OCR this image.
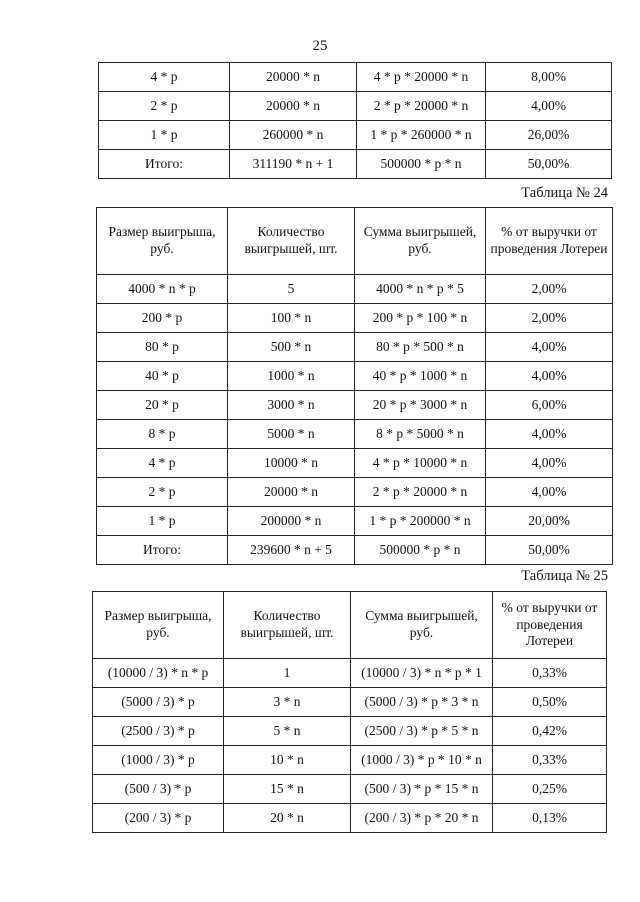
25
4 * p	20000 * n	4 * p * 20000 * n	8,00%
2 * p	20000 * n	2 * p * 20000 * n	4,00%
1 * p	260000 * n	1 * p * 260000 * n	26,00%
Итого:	311190 * n + 1	500000 * p * n	50,00%
Таблица № 24
Размер выигрыша, руб.	Количество выигрышей, шт.	Сумма выигрышей, руб.	% от выручки от проведения Лотереи
4000 * n * p	5	4000 * n * p * 5	2,00%
200 * p	100 * n	200 * p * 100 * n	2,00%
80 * p	500 * n	80 * p * 500 * n	4,00%
40 * p	1000 * n	40 * p * 1000 * n	4,00%
20 * p	3000 * n	20 * p * 3000 * n	6,00%
8 * p	5000 * n	8 * p * 5000 * n	4,00%
4 * p	10000 * n	4 * p * 10000 * n	4,00%
2 * p	20000 * n	2 * p * 20000 * n	4,00%
1 * p	200000 * n	1 * p * 200000 * n	20,00%
Итого:	239600 * n + 5	500000 * p * n	50,00%
Таблица № 25
Размер выигрыша, руб.	Количество выигрышей, шт.	Сумма выигрышей, руб.	% от выручки от проведения Лотереи
(10000 / 3) * n * p	1	(10000 / 3) * n * p * 1	0,33%
(5000 / 3) * p	3 * n	(5000 / 3) * p * 3 * n	0,50%
(2500 / 3) * p	5 * n	(2500 / 3) * p * 5 * n	0,42%
(1000 / 3) * p	10 * n	(1000 / 3) * p * 10 * n	0,33%
(500 / 3) * p	15 * n	(500 / 3) * p * 15 * n	0,25%
(200 / 3) * p	20 * n	(200 / 3) * p * 20 * n	0,13%
